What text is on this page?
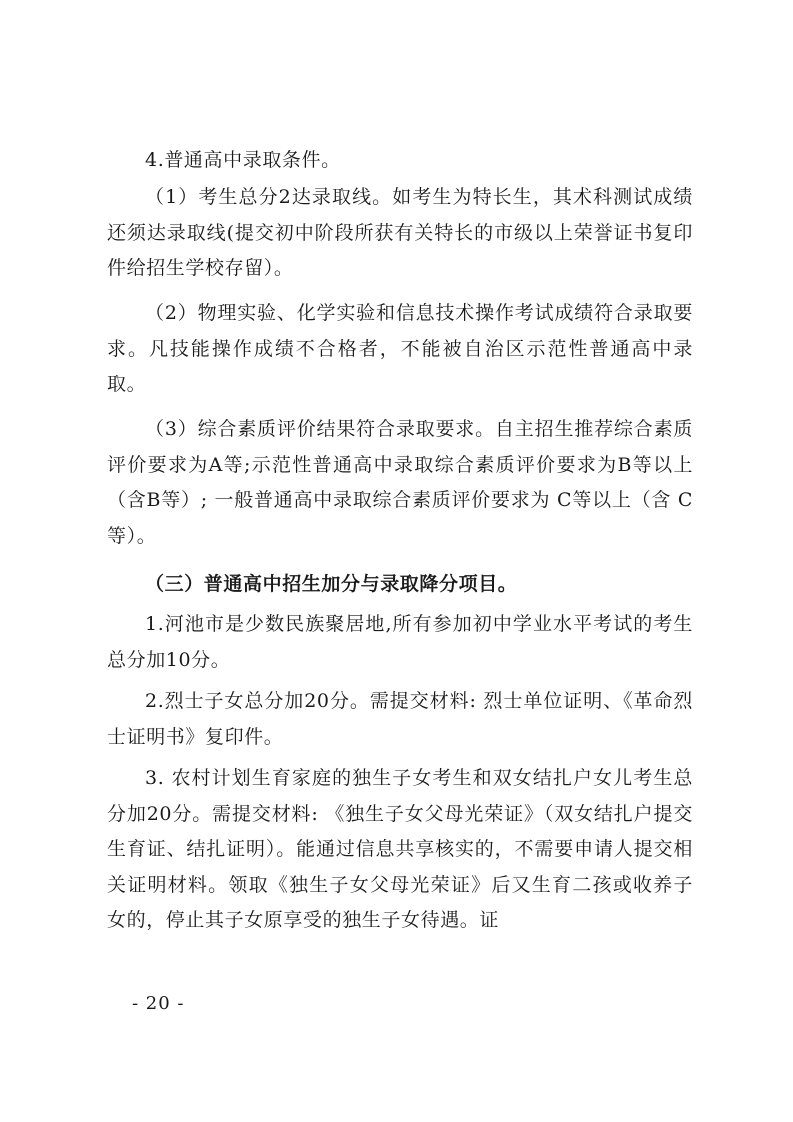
4.普通高中录取条件。

（1）考生总分2达录取线。如考生为特长生，其术科测试成绩还须达录取线(提交初中阶段所获有关特长的市级以上荣誉证书复印件给招生学校存留）。

（2）物理实验、化学实验和信息技术操作考试成绩符合录取要求。凡技能操作成绩不合格者，不能被自治区示范性普通高中录取。

（3）综合素质评价结果符合录取要求。自主招生推荐综合素质评价要求为A等;示范性普通高中录取综合素质评价要求为B等以上（含B等）; 一般普通高中录取综合素质评价要求为 C等以上（含 C 等）。

（三）普通高中招生加分与录取降分项目。

1.河池市是少数民族聚居地,所有参加初中学业水平考试的考生总分加10分。

2.烈士子女总分加20分。需提交材料: 烈士单位证明、《革命烈士证明书》复印件。

3. 农村计划生育家庭的独生子女考生和双女结扎户女儿考生总分加20分。需提交材料: 《独生子女父母光荣证》（双女结扎户提交生育证、结扎证明）。能通过信息共享核实的，不需要申请人提交相关证明材料。领取《独生子女父母光荣证》后又生育二孩或收养子女的，停止其子女原享受的独生子女待遇。证

- 20 -
